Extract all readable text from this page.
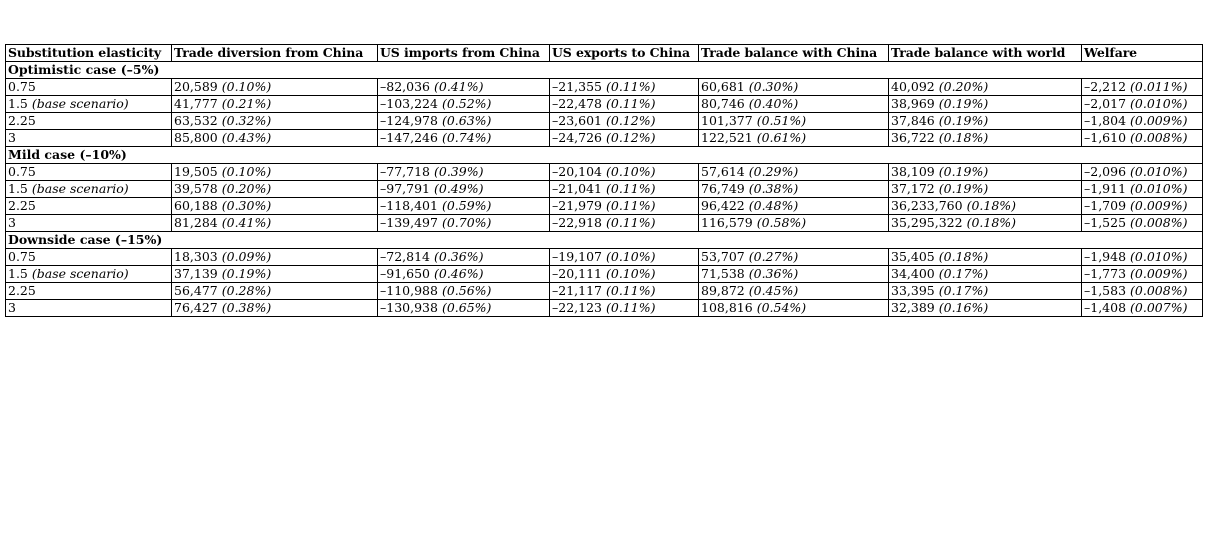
Substitution elasticity	Trade diversion from China	US imports from China	US exports to China	Trade balance with China	Trade balance with world	Welfare
Optimistic case (–5%)						
0.75	20,589 (0.10%)	–82,036 (0.41%)	–21,355 (0.11%)	60,681 (0.30%)	40,092 (0.20%)	–2,212 (0.011%)
1.5 (base scenario)	41,777 (0.21%)	–103,224 (0.52%)	–22,478 (0.11%)	80,746 (0.40%)	38,969 (0.19%)	–2,017 (0.010%)
2.25	63,532 (0.32%)	–124,978 (0.63%)	–23,601 (0.12%)	101,377 (0.51%)	37,846 (0.19%)	–1,804 (0.009%)
3	85,800 (0.43%)	–147,246 (0.74%)	–24,726 (0.12%)	122,521 (0.61%)	36,722 (0.18%)	–1,610 (0.008%)
Mild case (–10%)						
0.75	19,505 (0.10%)	–77,718 (0.39%)	–20,104 (0.10%)	57,614 (0.29%)	38,109 (0.19%)	–2,096 (0.010%)
1.5 (base scenario)	39,578 (0.20%)	–97,791 (0.49%)	–21,041 (0.11%)	76,749 (0.38%)	37,172 (0.19%)	–1,911 (0.010%)
2.25	60,188 (0.30%)	–118,401 (0.59%)	–21,979 (0.11%)	96,422 (0.48%)	36,233,760 (0.18%)	–1,709 (0.009%)
3	81,284 (0.41%)	–139,497 (0.70%)	–22,918 (0.11%)	116,579 (0.58%)	35,295,322 (0.18%)	–1,525 (0.008%)
Downside case (–15%)						
0.75	18,303 (0.09%)	–72,814 (0.36%)	–19,107 (0.10%)	53,707 (0.27%)	35,405 (0.18%)	–1,948 (0.010%)
1.5 (base scenario)	37,139 (0.19%)	–91,650 (0.46%)	–20,111 (0.10%)	71,538 (0.36%)	34,400 (0.17%)	–1,773 (0.009%)
2.25	56,477 (0.28%)	–110,988 (0.56%)	–21,117 (0.11%)	89,872 (0.45%)	33,395 (0.17%)	–1,583 (0.008%)
3	76,427 (0.38%)	–130,938 (0.65%)	–22,123 (0.11%)	108,816 (0.54%)	32,389 (0.16%)	–1,408 (0.007%)
